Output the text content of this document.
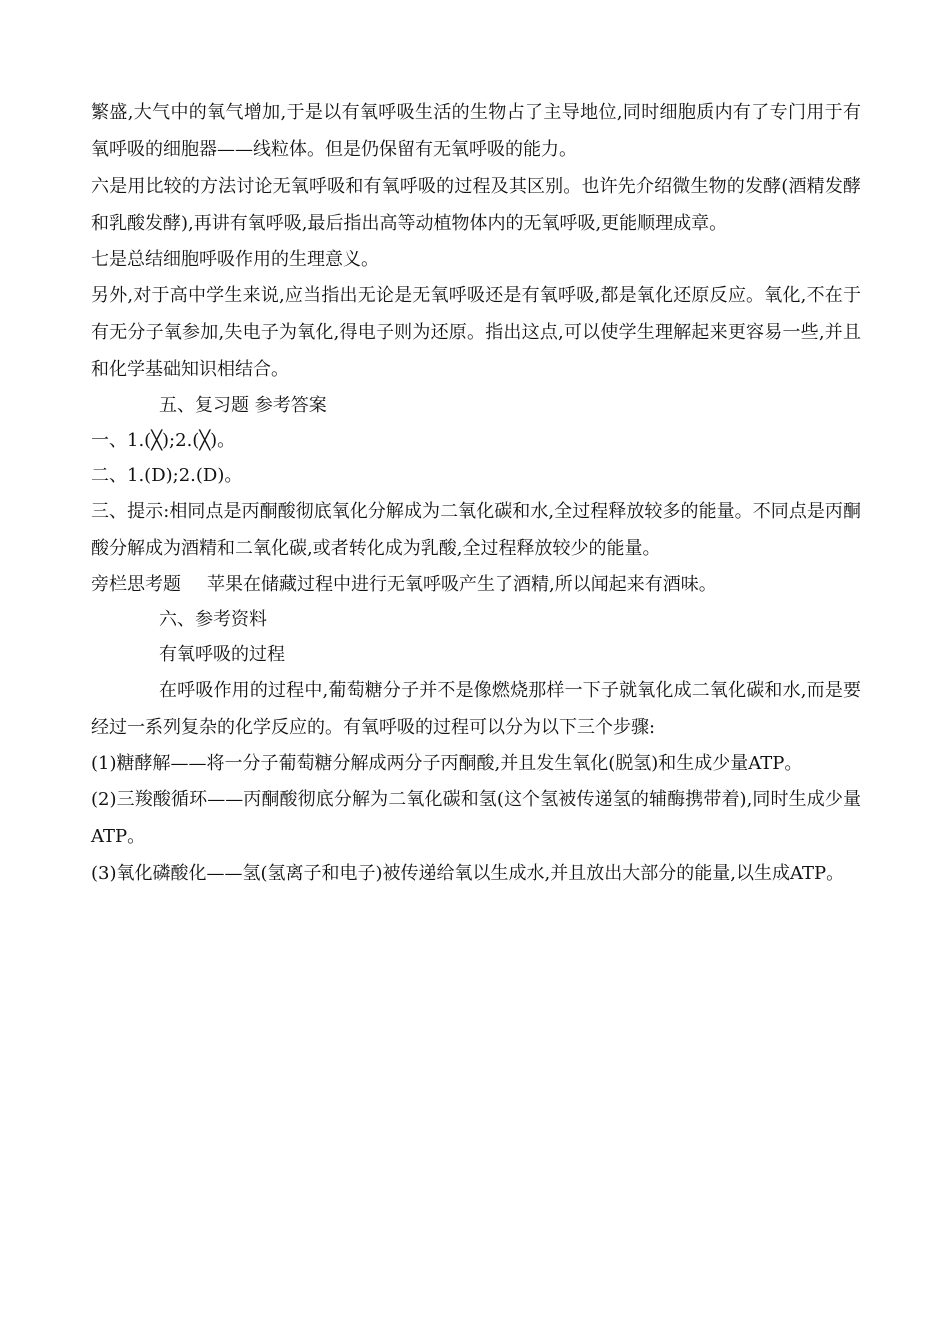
繁盛,大气中的氧气增加,于是以有氧呼吸生活的生物占了主导地位,同时细胞质内有了专门用于有氧呼吸的细胞器——线粒体。但是仍保留有无氧呼吸的能力。

六是用比较的方法讨论无氧呼吸和有氧呼吸的过程及其区别。也许先介绍微生物的发酵(酒精发酵和乳酸发酵),再讲有氧呼吸,最后指出高等动植物体内的无氧呼吸,更能顺理成章。

七是总结细胞呼吸作用的生理意义。

另外,对于高中学生来说,应当指出无论是无氧呼吸还是有氧呼吸,都是氧化还原反应。氧化,不在于有无分子氧参加,失电子为氧化,得电子则为还原。指出这点,可以使学生理解起来更容易一些,并且和化学基础知识相结合。

五、复习题 参考答案

一、1.(╳);2.(╳)。

二、1.(D);2.(D)。

三、提示:相同点是丙酮酸彻底氧化分解成为二氧化碳和水,全过程释放较多的能量。不同点是丙酮酸分解成为酒精和二氧化碳,或者转化成为乳酸,全过程释放较少的能量。

旁栏思考题 苹果在储藏过程中进行无氧呼吸产生了酒精,所以闻起来有酒味。

六、参考资料

有氧呼吸的过程

在呼吸作用的过程中,葡萄糖分子并不是像燃烧那样一下子就氧化成二氧化碳和水,而是要经过一系列复杂的化学反应的。有氧呼吸的过程可以分为以下三个步骤:

(1)糖酵解——将一分子葡萄糖分解成两分子丙酮酸,并且发生氧化(脱氢)和生成少量ATP。

(2)三羧酸循环——丙酮酸彻底分解为二氧化碳和氢(这个氢被传递氢的辅酶携带着),同时生成少量ATP。

(3)氧化磷酸化——氢(氢离子和电子)被传递给氧以生成水,并且放出大部分的能量,以生成ATP。
